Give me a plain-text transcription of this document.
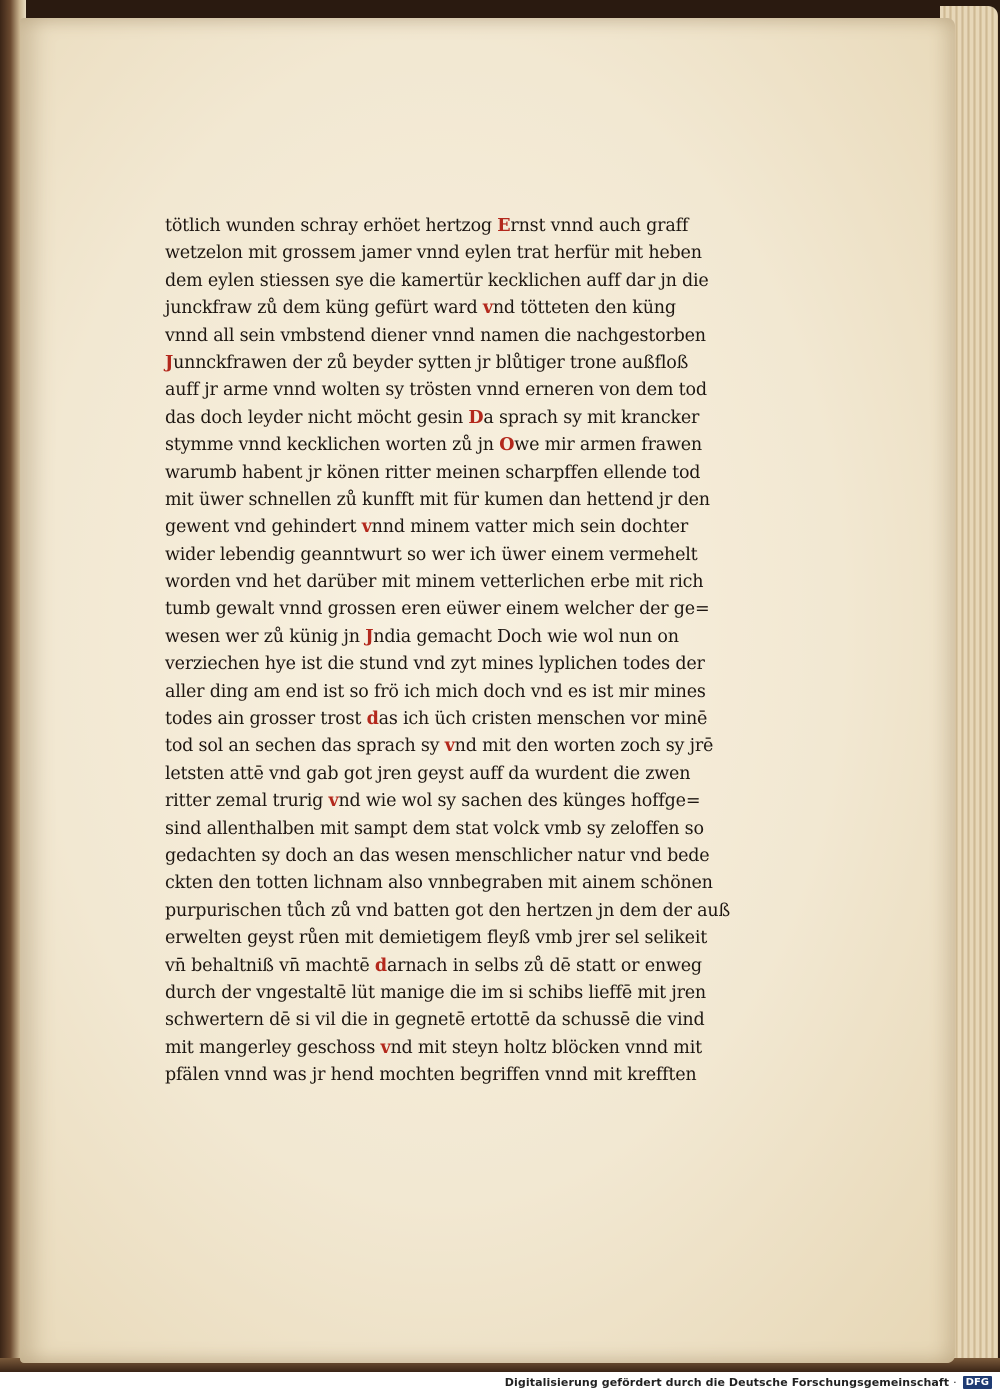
tötlich wunden schray erhöet hertzog Ernst vnnd auch graff
wetzelon mit grossem jamer vnnd eylen trat herfür mit heben
dem eylen stiessen sye die kamertür kecklichen auff dar jn die
junckfraw zů dem küng gefürt ward vnd tötteten den küng
vnnd all sein vmbstend diener vnnd namen die nachgestorben
Junnckfrawen der zů beyder sytten jr blůtiger trone außfloß
auff jr arme vnnd wolten sy trösten vnnd erneren von dem tod
das doch leyder nicht möcht gesin Da sprach sy mit krancker
stymme vnnd kecklichen worten zů jn Owe mir armen frawen
warumb habent jr könen ritter meinen scharpffen ellende tod
mit üwer schnellen zů kunfft mit für kumen dan hettend jr den
gewent vnd gehindert vnnd minem vatter mich sein dochter
wider lebendig geanntwurt so wer ich üwer einem vermehelt
worden vnd het darüber mit minem vetterlichen erbe mit rich
tumb gewalt vnnd grossen eren eüwer einem welcher der ge=
wesen wer zů künig jn Jndia gemacht Doch wie wol nun on
verziechen hye ist die stund vnd zyt mines lyplichen todes der
aller ding am end ist so frö ich mich doch vnd es ist mir mines
todes ain grosser trost das ich üch cristen menschen vor minē
tod sol an sechen das sprach sy vnd mit den worten zoch sy jrē
letsten attē vnd gab got jren geyst auff da wurdent die zwen
ritter zemal trurig vnd wie wol sy sachen des künges hoffge=
sind allenthalben mit sampt dem stat volck vmb sy zeloffen so
gedachten sy doch an das wesen menschlicher natur vnd bede
ckten den totten lichnam also vnnbegraben mit ainem schönen
purpurischen tůch zů vnd batten got den hertzen jn dem der auß
erwelten geyst růen mit demietigem fleyß vmb jrer sel selikeit
vn̄ behaltniß vn̄ machtē darnach in selbs zů dē statt or enweg
durch der vngestaltē lüt manige die im si schibs lieffē mit jren
schwertern dē si vil die in gegnetē ertottē da schussē die vind
mit mangerley geschoss vnd mit steyn holtz blöcken vnnd mit
pfälen vnnd was jr hend mochten begriffen vnnd mit krefften
Digitalisierung gefördert durch die Deutsche Forschungsgemeinschaft · DFG
